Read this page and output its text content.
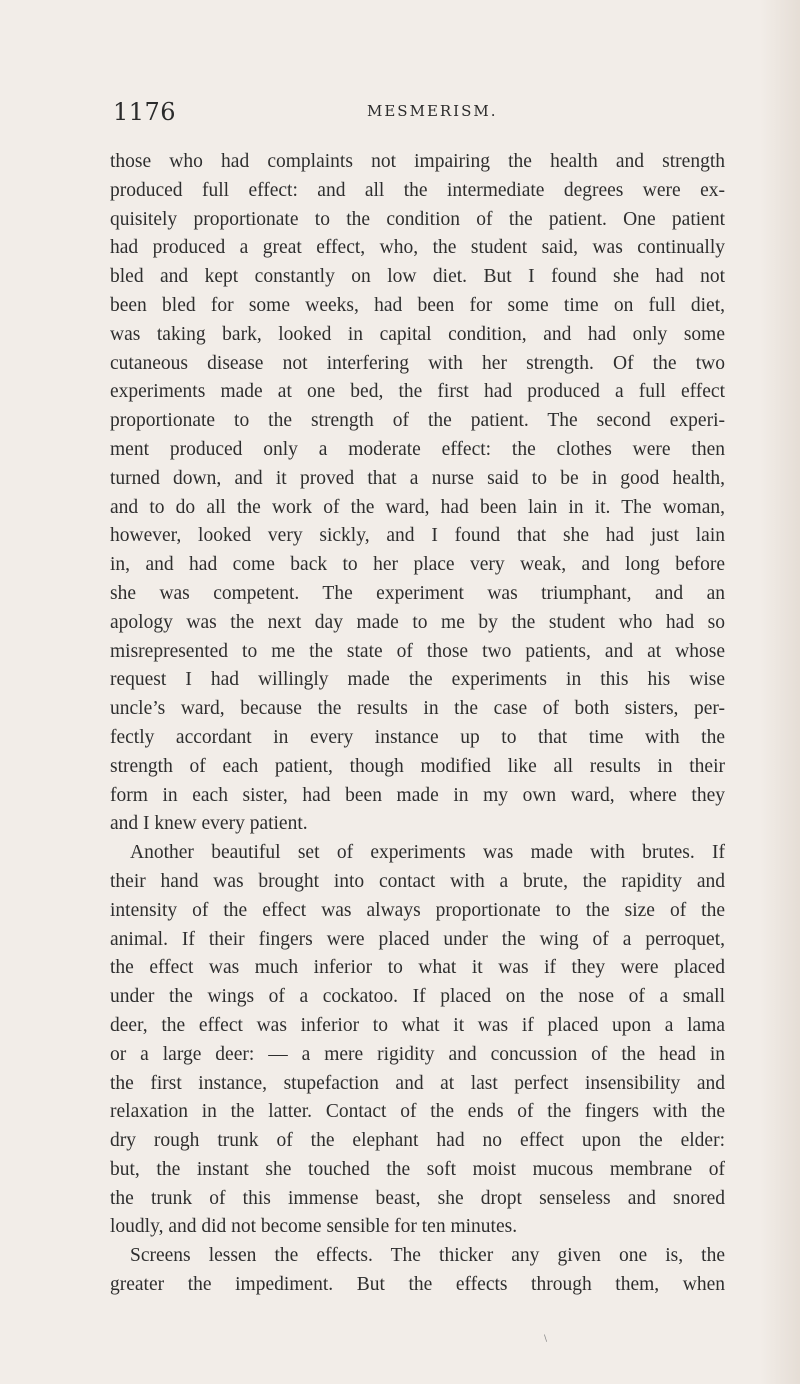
1176	MESMERISM.
those who had complaints not impairing the health and strength
produced full effect: and all the intermediate degrees were ex-
quisitely proportionate to the condition of the patient. One patient
had produced a great effect, who, the student said, was continually
bled and kept constantly on low diet. But I found she had not
been bled for some weeks, had been for some time on full diet,
was taking bark, looked in capital condition, and had only some
cutaneous disease not interfering with her strength. Of the two
experiments made at one bed, the first had produced a full effect
proportionate to the strength of the patient. The second experi-
ment produced only a moderate effect: the clothes were then
turned down, and it proved that a nurse said to be in good health,
and to do all the work of the ward, had been lain in it. The woman,
however, looked very sickly, and I found that she had just lain
in, and had come back to her place very weak, and long before
she was competent. The experiment was triumphant, and an
apology was the next day made to me by the student who had so
misrepresented to me the state of those two patients, and at whose
request I had willingly made the experiments in this his wise
uncle’s ward, because the results in the case of both sisters, per-
fectly accordant in every instance up to that time with the
strength of each patient, though modified like all results in their
form in each sister, had been made in my own ward, where they
and I knew every patient.
Another beautiful set of experiments was made with brutes. If
their hand was brought into contact with a brute, the rapidity and
intensity of the effect was always proportionate to the size of the
animal. If their fingers were placed under the wing of a perroquet,
the effect was much inferior to what it was if they were placed
under the wings of a cockatoo. If placed on the nose of a small
deer, the effect was inferior to what it was if placed upon a lama
or a large deer: — a mere rigidity and concussion of the head in
the first instance, stupefaction and at last perfect insensibility and
relaxation in the latter. Contact of the ends of the fingers with the
dry rough trunk of the elephant had no effect upon the elder:
but, the instant she touched the soft moist mucous membrane of
the trunk of this immense beast, she dropt senseless and snored
loudly, and did not become sensible for ten minutes.
Screens lessen the effects. The thicker any given one is, the
greater the impediment. But the effects through them, when
\
